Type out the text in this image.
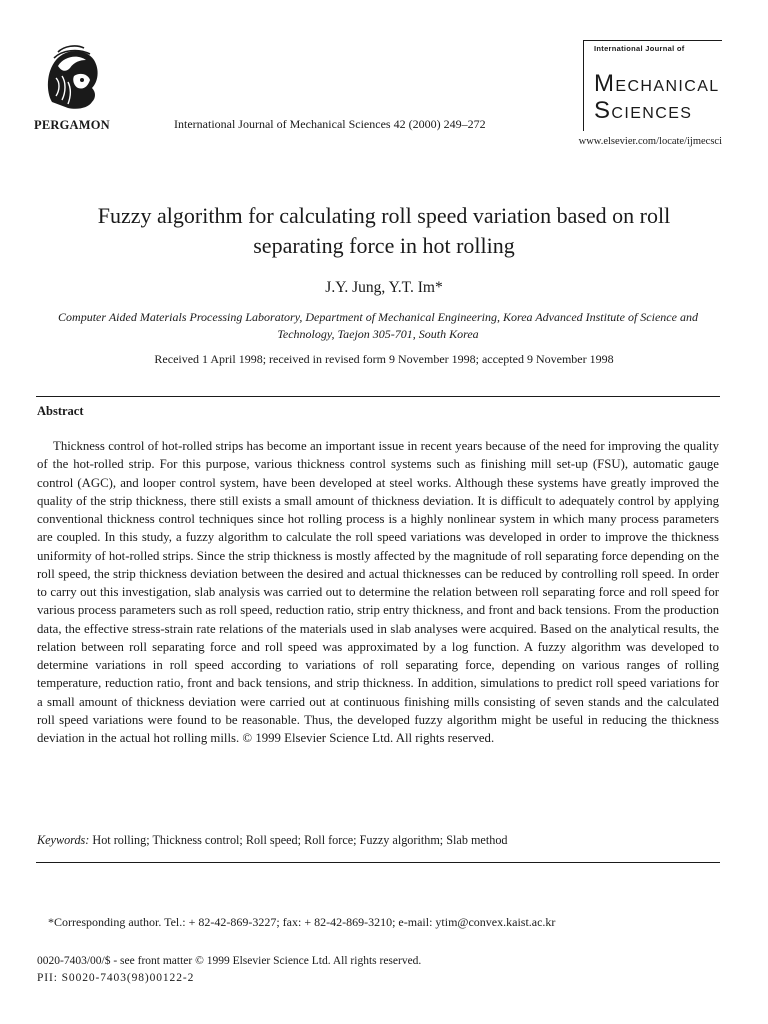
PERGAMON	International Journal of Mechanical Sciences 42 (2000) 249–272
International Journal of
MECHANICAL
SCIENCES
www.elsevier.com/locate/ijmecsci
Fuzzy algorithm for calculating roll speed variation based on roll separating force in hot rolling
J.Y. Jung, Y.T. Im*
Computer Aided Materials Processing Laboratory, Department of Mechanical Engineering, Korea Advanced Institute of Science and Technology, Taejon 305-701, South Korea
Received 1 April 1998; received in revised form 9 November 1998; accepted 9 November 1998
Abstract
Thickness control of hot-rolled strips has become an important issue in recent years because of the need for improving the quality of the hot-rolled strip. For this purpose, various thickness control systems such as finishing mill set-up (FSU), automatic gauge control (AGC), and looper control system, have been developed at steel works. Although these systems have greatly improved the quality of the strip thickness, there still exists a small amount of thickness deviation. It is difficult to adequately control by applying conventional thickness control techniques since hot rolling process is a highly nonlinear system in which many process parameters are coupled. In this study, a fuzzy algorithm to calculate the roll speed variations was developed in order to improve the thickness uniformity of hot-rolled strips. Since the strip thickness is mostly affected by the magnitude of roll separating force depending on the roll speed, the strip thickness deviation between the desired and actual thicknesses can be reduced by controlling roll speed. In order to carry out this investigation, slab analysis was carried out to determine the relation between roll separating force and roll speed for various process parameters such as roll speed, reduction ratio, strip entry thickness, and front and back tensions. From the production data, the effective stress-strain rate relations of the materials used in slab analyses were acquired. Based on the analytical results, the relation between roll separating force and roll speed was approximated by a log function. A fuzzy algorithm was developed to determine variations in roll speed according to variations of roll separating force, depending on various ranges of rolling temperature, reduction ratio, front and back tensions, and strip thickness. In addition, simulations to predict roll speed variations for a small amount of thickness deviation were carried out at continuous finishing mills consisting of seven stands and the calculated roll speed variations were found to be reasonable. Thus, the developed fuzzy algorithm might be useful in reducing the thickness deviation in the actual hot rolling mills. © 1999 Elsevier Science Ltd. All rights reserved.
Keywords: Hot rolling; Thickness control; Roll speed; Roll force; Fuzzy algorithm; Slab method
*Corresponding author. Tel.: + 82-42-869-3227; fax: + 82-42-869-3210; e-mail: ytim@convex.kaist.ac.kr
0020-7403/00/$ - see front matter © 1999 Elsevier Science Ltd. All rights reserved.
PII: S0020-7403(98)00122-2
